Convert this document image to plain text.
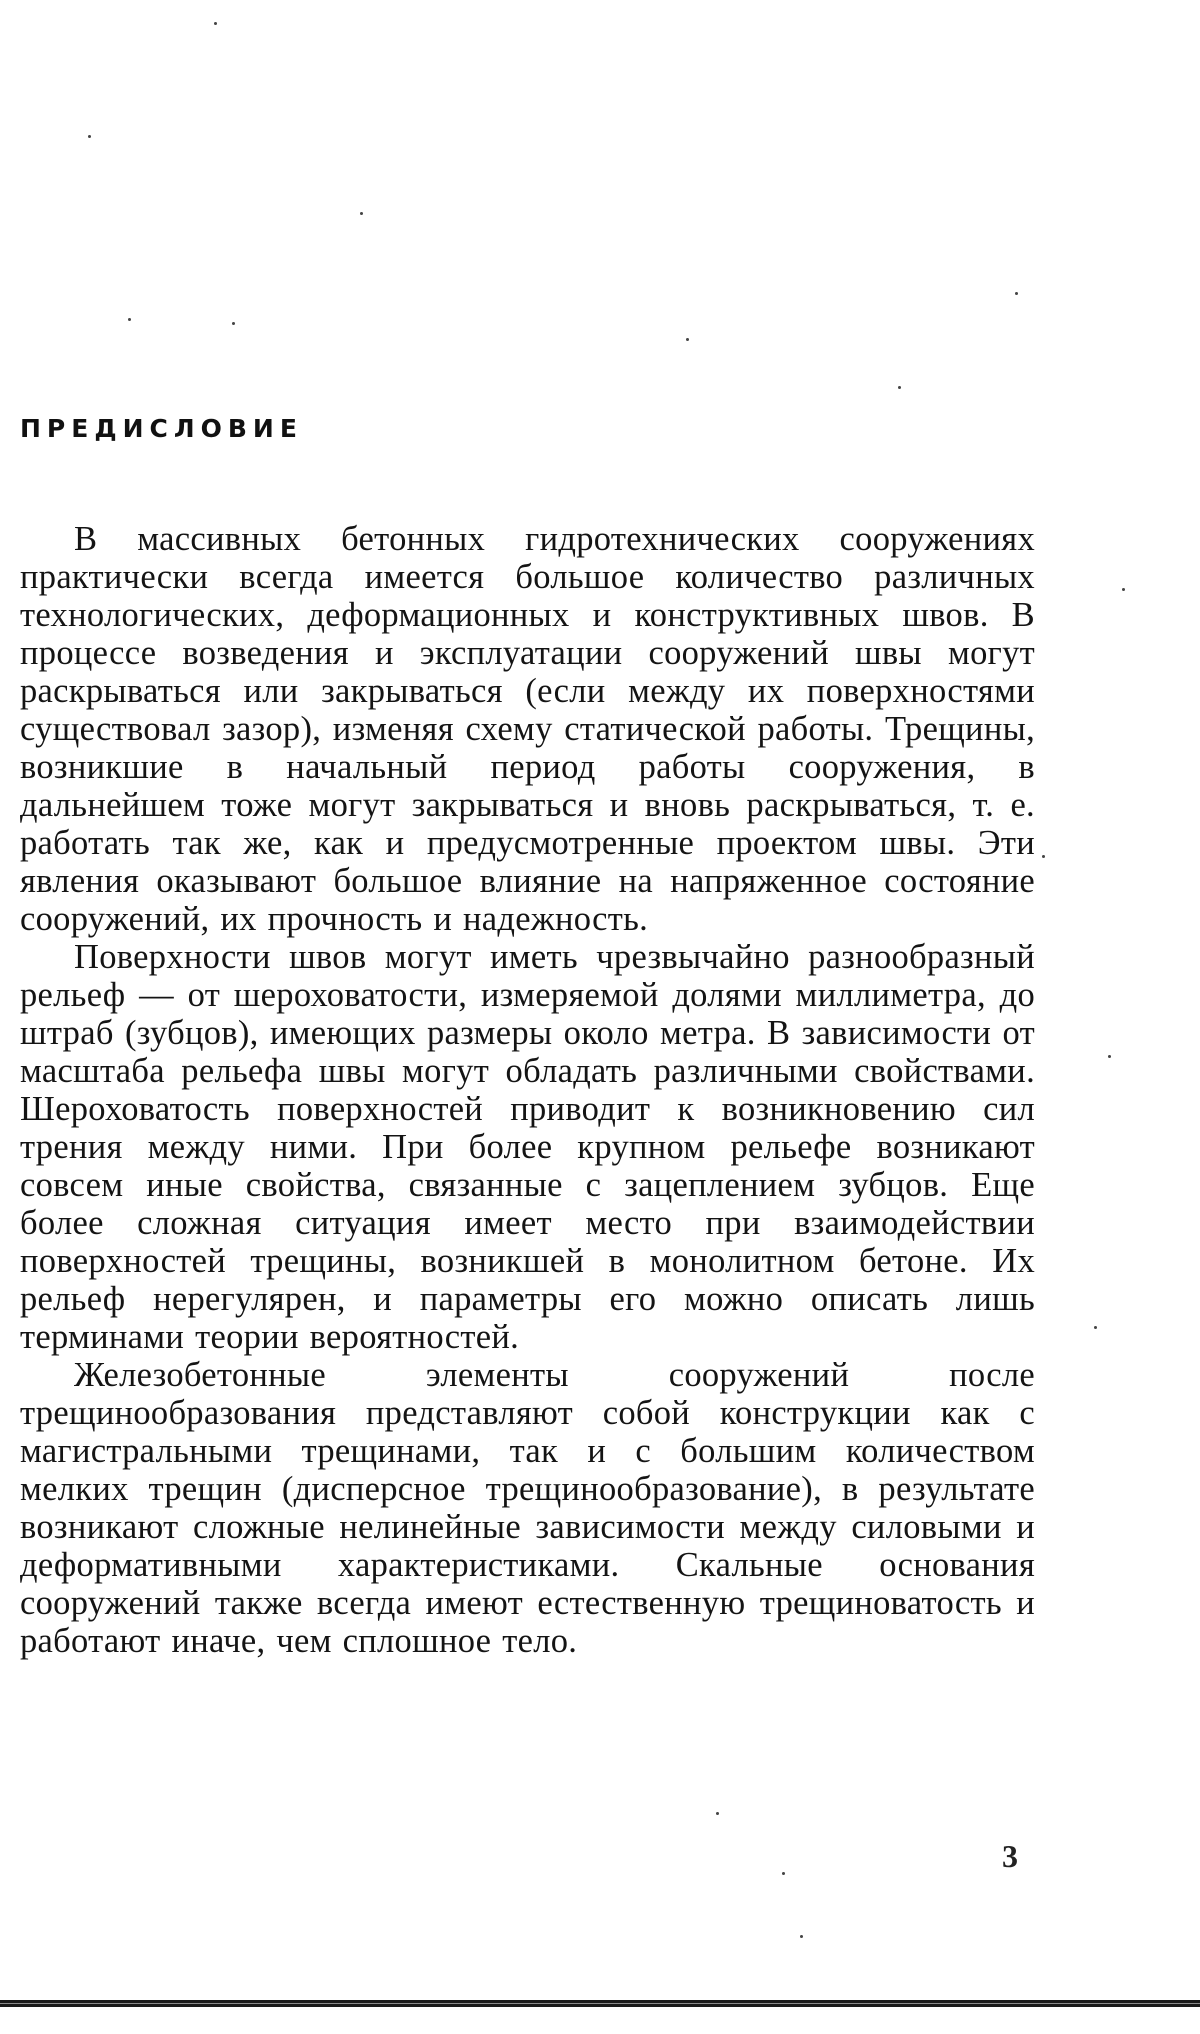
ПРЕДИСЛОВИЕ

В массивных бетонных гидротехнических сооружениях практически всегда имеется большое количество различных технологических, деформационных и конструктивных швов. В процессе возведения и эксплуатации сооружений швы могут раскрываться или закрываться (если между их поверхностями существовал зазор), изменяя схему статической работы. Трещины, возникшие в начальный период работы сооружения, в дальнейшем тоже могут закрываться и вновь раскрываться, т. е. работать так же, как и предусмотренные проектом швы. Эти явления оказывают большое влияние на напряженное состояние сооружений, их прочность и надежность.

Поверхности швов могут иметь чрезвычайно разнообразный рельеф — от шероховатости, измеряемой долями миллиметра, до штраб (зубцов), имеющих размеры около метра. В зависимости от масштаба рельефа швы могут обладать различными свойствами. Шероховатость поверхностей приводит к возникновению сил трения между ними. При более крупном рельефе возникают совсем иные свойства, связанные с зацеплением зубцов. Еще более сложная ситуация имеет место при взаимодействии поверхностей трещины, возникшей в монолитном бетоне. Их рельеф нерегулярен, и параметры его можно описать лишь терминами теории вероятностей.

Железобетонные элементы сооружений после трещинообразования представляют собой конструкции как с магистральными трещинами, так и с большим количеством мелких трещин (дисперсное трещинообразование), в результате возникают сложные нелинейные зависимости между силовыми и деформативными характеристиками. Скальные основания сооружений также всегда имеют естественную трещиноватость и работают иначе, чем сплошное тело.

3
